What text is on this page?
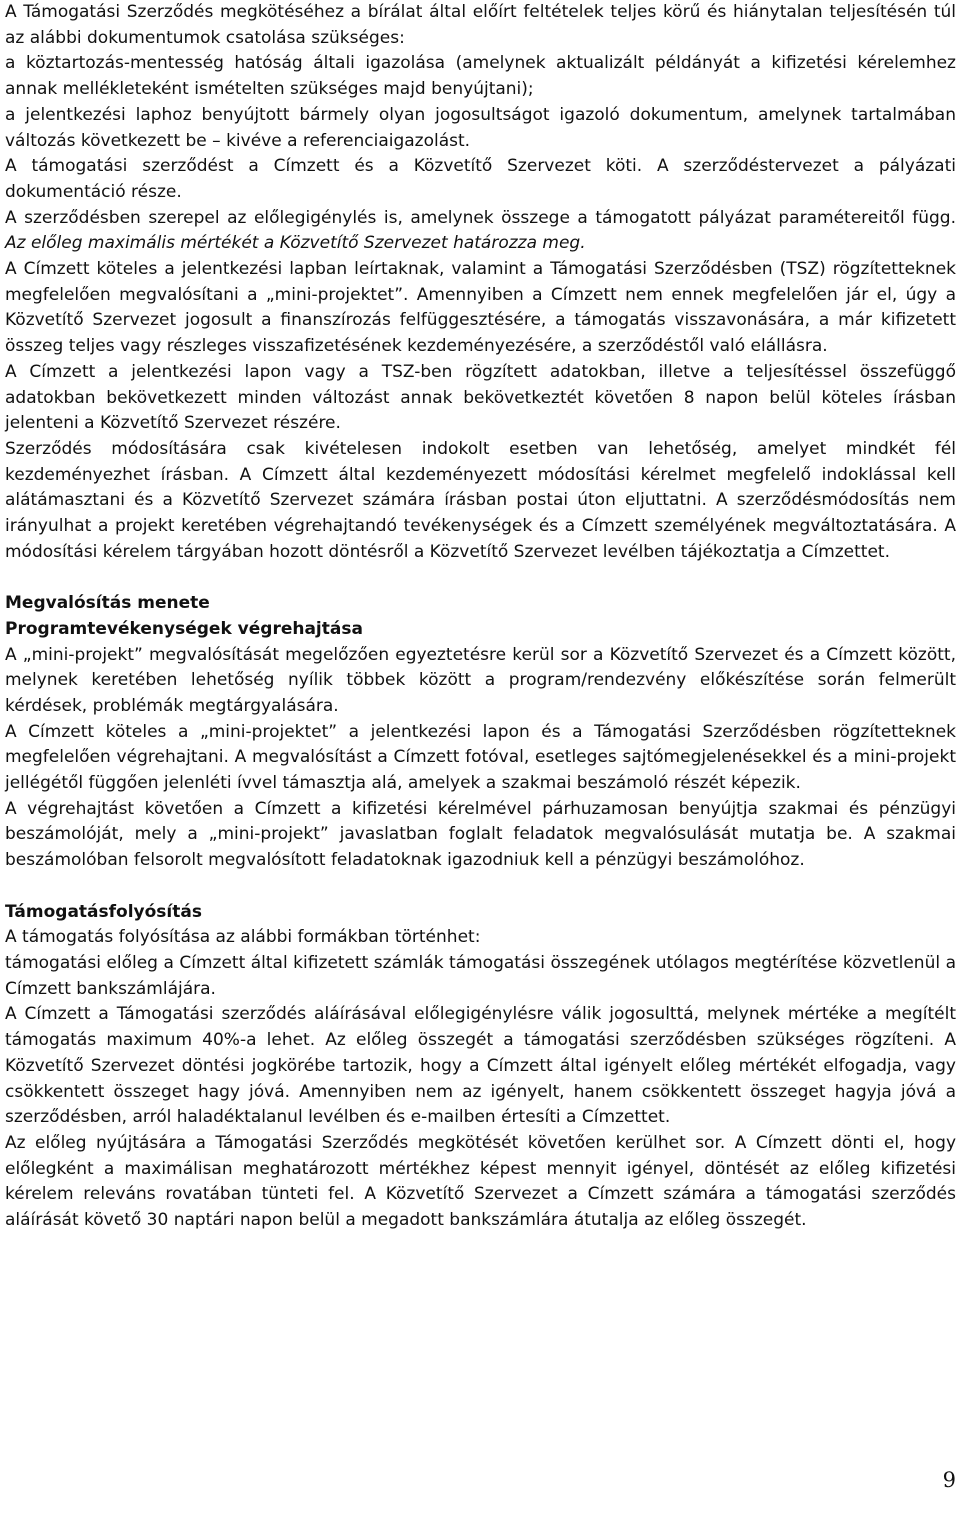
A Támogatási Szerződés megkötéséhez a bírálat által előírt feltételek teljes körű és hiánytalan teljesítésén túl az alábbi dokumentumok csatolása szükséges:

a köztartozás-mentesség hatóság általi igazolása (amelynek aktualizált példányát a kifizetési kérelemhez annak mellékleteként ismételten szükséges majd benyújtani);

a jelentkezési laphoz benyújtott bármely olyan jogosultságot igazoló dokumentum, amelynek tartalmában változás következett be – kivéve a referenciaigazolást.

A támogatási szerződést a Címzett és a Közvetítő Szervezet köti. A szerződéstervezet a pályázati dokumentáció része.

A szerződésben szerepel az előlegigénylés is, amelynek összege a támogatott pályázat paramétereitől függ. Az előleg maximális mértékét a Közvetítő Szervezet határozza meg.

A Címzett köteles a jelentkezési lapban leírtaknak, valamint a Támogatási Szerződésben (TSZ) rögzítetteknek megfelelően megvalósítani a „mini-projektet”. Amennyiben a Címzett nem ennek megfelelően jár el, úgy a Közvetítő Szervezet jogosult a finanszírozás felfüggesztésére, a támogatás visszavonására, a már kifizetett összeg teljes vagy részleges visszafizetésének kezdeményezésére, a szerződéstől való elállásra.

A Címzett a jelentkezési lapon vagy a TSZ-ben rögzített adatokban, illetve a teljesítéssel összefüggő adatokban bekövetkezett minden változást annak bekövetkeztét követően 8 napon belül köteles írásban jelenteni a Közvetítő Szervezet részére.

Szerződés módosítására csak kivételesen indokolt esetben van lehetőség, amelyet mindkét fél kezdeményezhet írásban. A Címzett által kezdeményezett módosítási kérelmet megfelelő indoklással kell alátámasztani és a Közvetítő Szervezet számára írásban postai úton eljuttatni. A szerződésmódosítás nem irányulhat a projekt keretében végrehajtandó tevékenységek és a Címzett személyének megváltoztatására. A módosítási kérelem tárgyában hozott döntésről a Közvetítő Szervezet levélben tájékoztatja a Címzettet.

Megvalósítás menete

Programtevékenységek végrehajtása

A „mini-projekt” megvalósítását megelőzően egyeztetésre kerül sor a Közvetítő Szervezet és a Címzett között, melynek keretében lehetőség nyílik többek között a program/rendezvény előkészítése során felmerült kérdések, problémák megtárgyalására.

A Címzett köteles a „mini-projektet” a jelentkezési lapon és a Támogatási Szerződésben rögzítetteknek megfelelően végrehajtani. A megvalósítást a Címzett fotóval, esetleges sajtómegjelenésekkel és a mini-projekt jellégétől függően jelenléti ívvel támasztja alá, amelyek a szakmai beszámoló részét képezik.

A végrehajtást követően a Címzett a kifizetési kérelmével párhuzamosan benyújtja szakmai és pénzügyi beszámolóját, mely a „mini-projekt” javaslatban foglalt feladatok megvalósulását mutatja be. A szakmai beszámolóban felsorolt megvalósított feladatoknak igazodniuk kell a pénzügyi beszámolóhoz.

Támogatásfolyósítás

A támogatás folyósítása az alábbi formákban történhet:

támogatási előleg a Címzett által kifizetett számlák támogatási összegének utólagos megtérítése közvetlenül a Címzett bankszámlájára.

A Címzett a Támogatási szerződés aláírásával előlegigénylésre válik jogosulttá, melynek mértéke a megítélt támogatás maximum 40%-a lehet. Az előleg összegét a támogatási szerződésben szükséges rögzíteni. A Közvetítő Szervezet döntési jogkörébe tartozik, hogy a Címzett által igényelt előleg mértékét elfogadja, vagy csökkentett összeget hagy jóvá. Amennyiben nem az igényelt, hanem csökkentett összeget hagyja jóvá a szerződésben, arról haladéktalanul levélben és e-mailben értesíti a Címzettet.

Az előleg nyújtására a Támogatási Szerződés megkötését követően kerülhet sor. A Címzett dönti el, hogy előlegként a maximálisan meghatározott mértékhez képest mennyit igényel, döntését az előleg kifizetési kérelem releváns rovatában tünteti fel. A Közvetítő Szervezet a Címzett számára a támogatási szerződés aláírását követő 30 naptári napon belül a megadott bankszámlára átutalja az előleg összegét.

9
